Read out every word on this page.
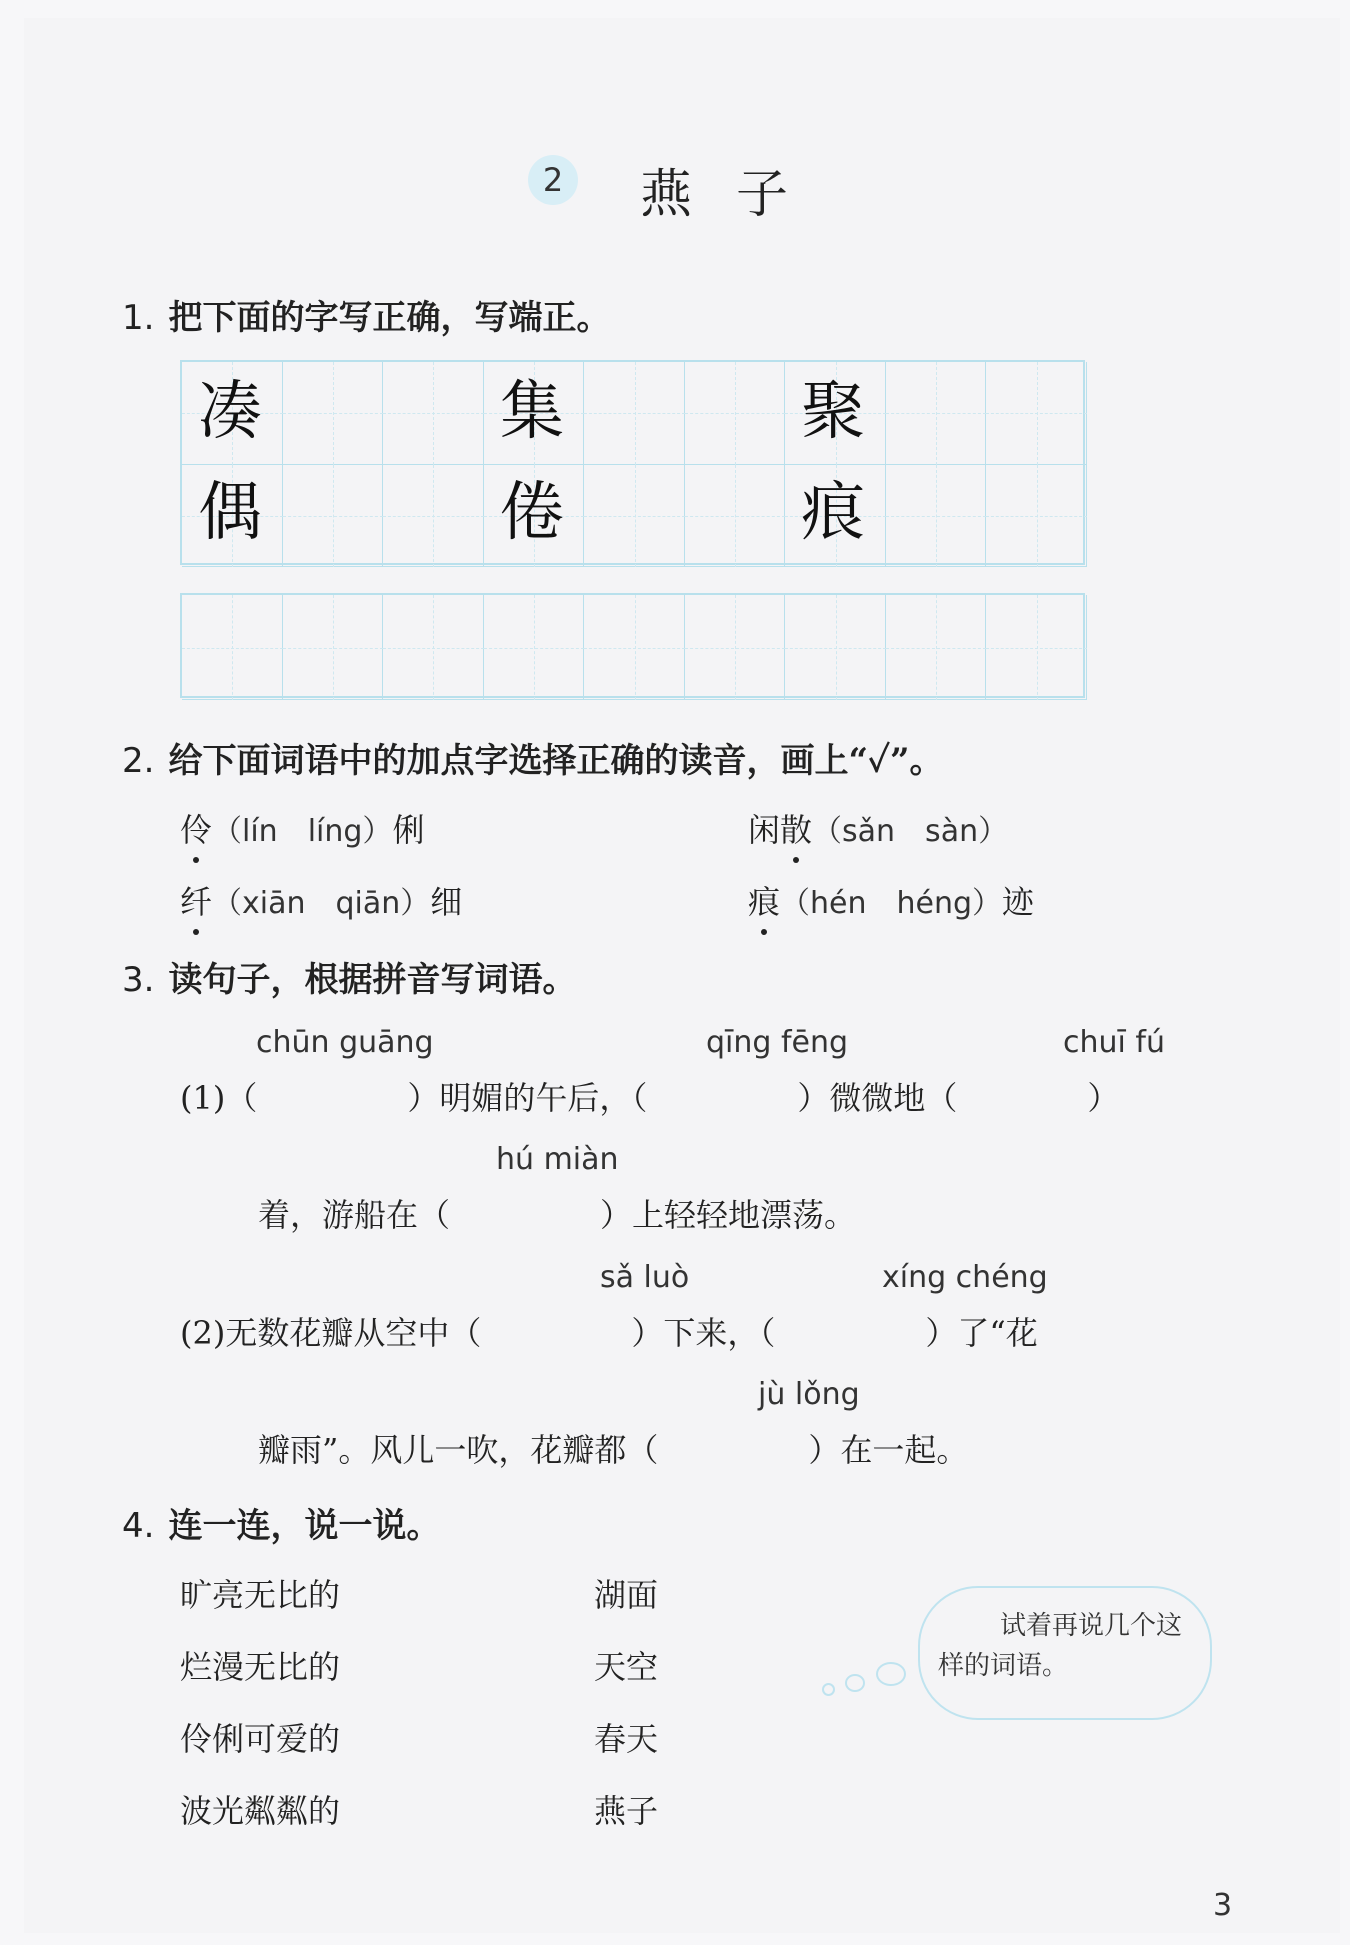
2 燕子
1. 把下面的字写正确，写端正。
凑	集	聚
偶	倦	痕
2. 给下面词语中的加点字选择正确的读音，画上“✓”。
伶（lín　líng）俐	闲散（sǎn　sàn）
纤（xiān　qiān）细	痕（hén　héng）迹
3. 读句子，根据拼音写词语。
chūn guāng	qīng fēng	chuī fú
(1)（	）明媚的午后，（	）微微地（	）
hú miàn
着，游船在（	）上轻轻地漂荡。
sǎ luò	xíng chéng
(2)无数花瓣从空中（	）下来，（	）了“花
jù lǒng
瓣雨”。风儿一吹，花瓣都（	）在一起。
4. 连一连，说一说。
旷亮无比的
烂漫无比的
伶俐可爱的
波光粼粼的
湖面
天空
春天
燕子
试着再说几个这样的词语。
3
